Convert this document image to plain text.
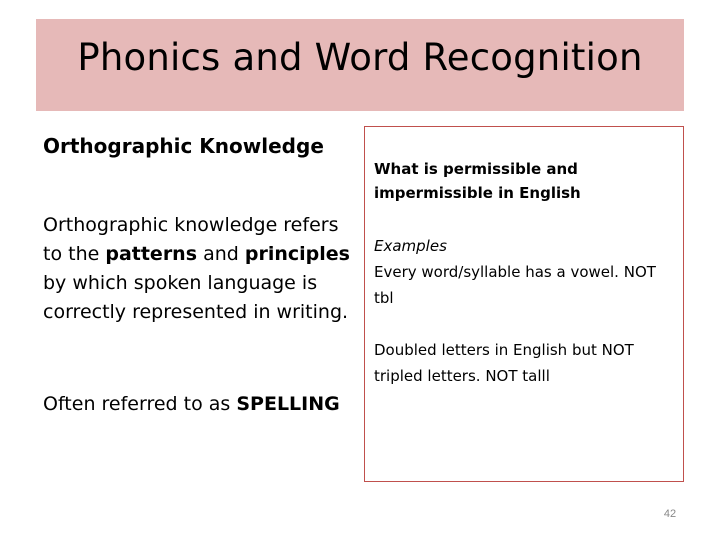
Phonics and Word Recognition

Orthographic Knowledge

Orthographic knowledge refers to the patterns and principles by which spoken language is correctly represented in writing.

Often referred to as SPELLING

What is permissible and impermissible in English

Examples
Every word/syllable has a vowel. NOT tbl

Doubled letters in English but NOT tripled letters. NOT talll

42
